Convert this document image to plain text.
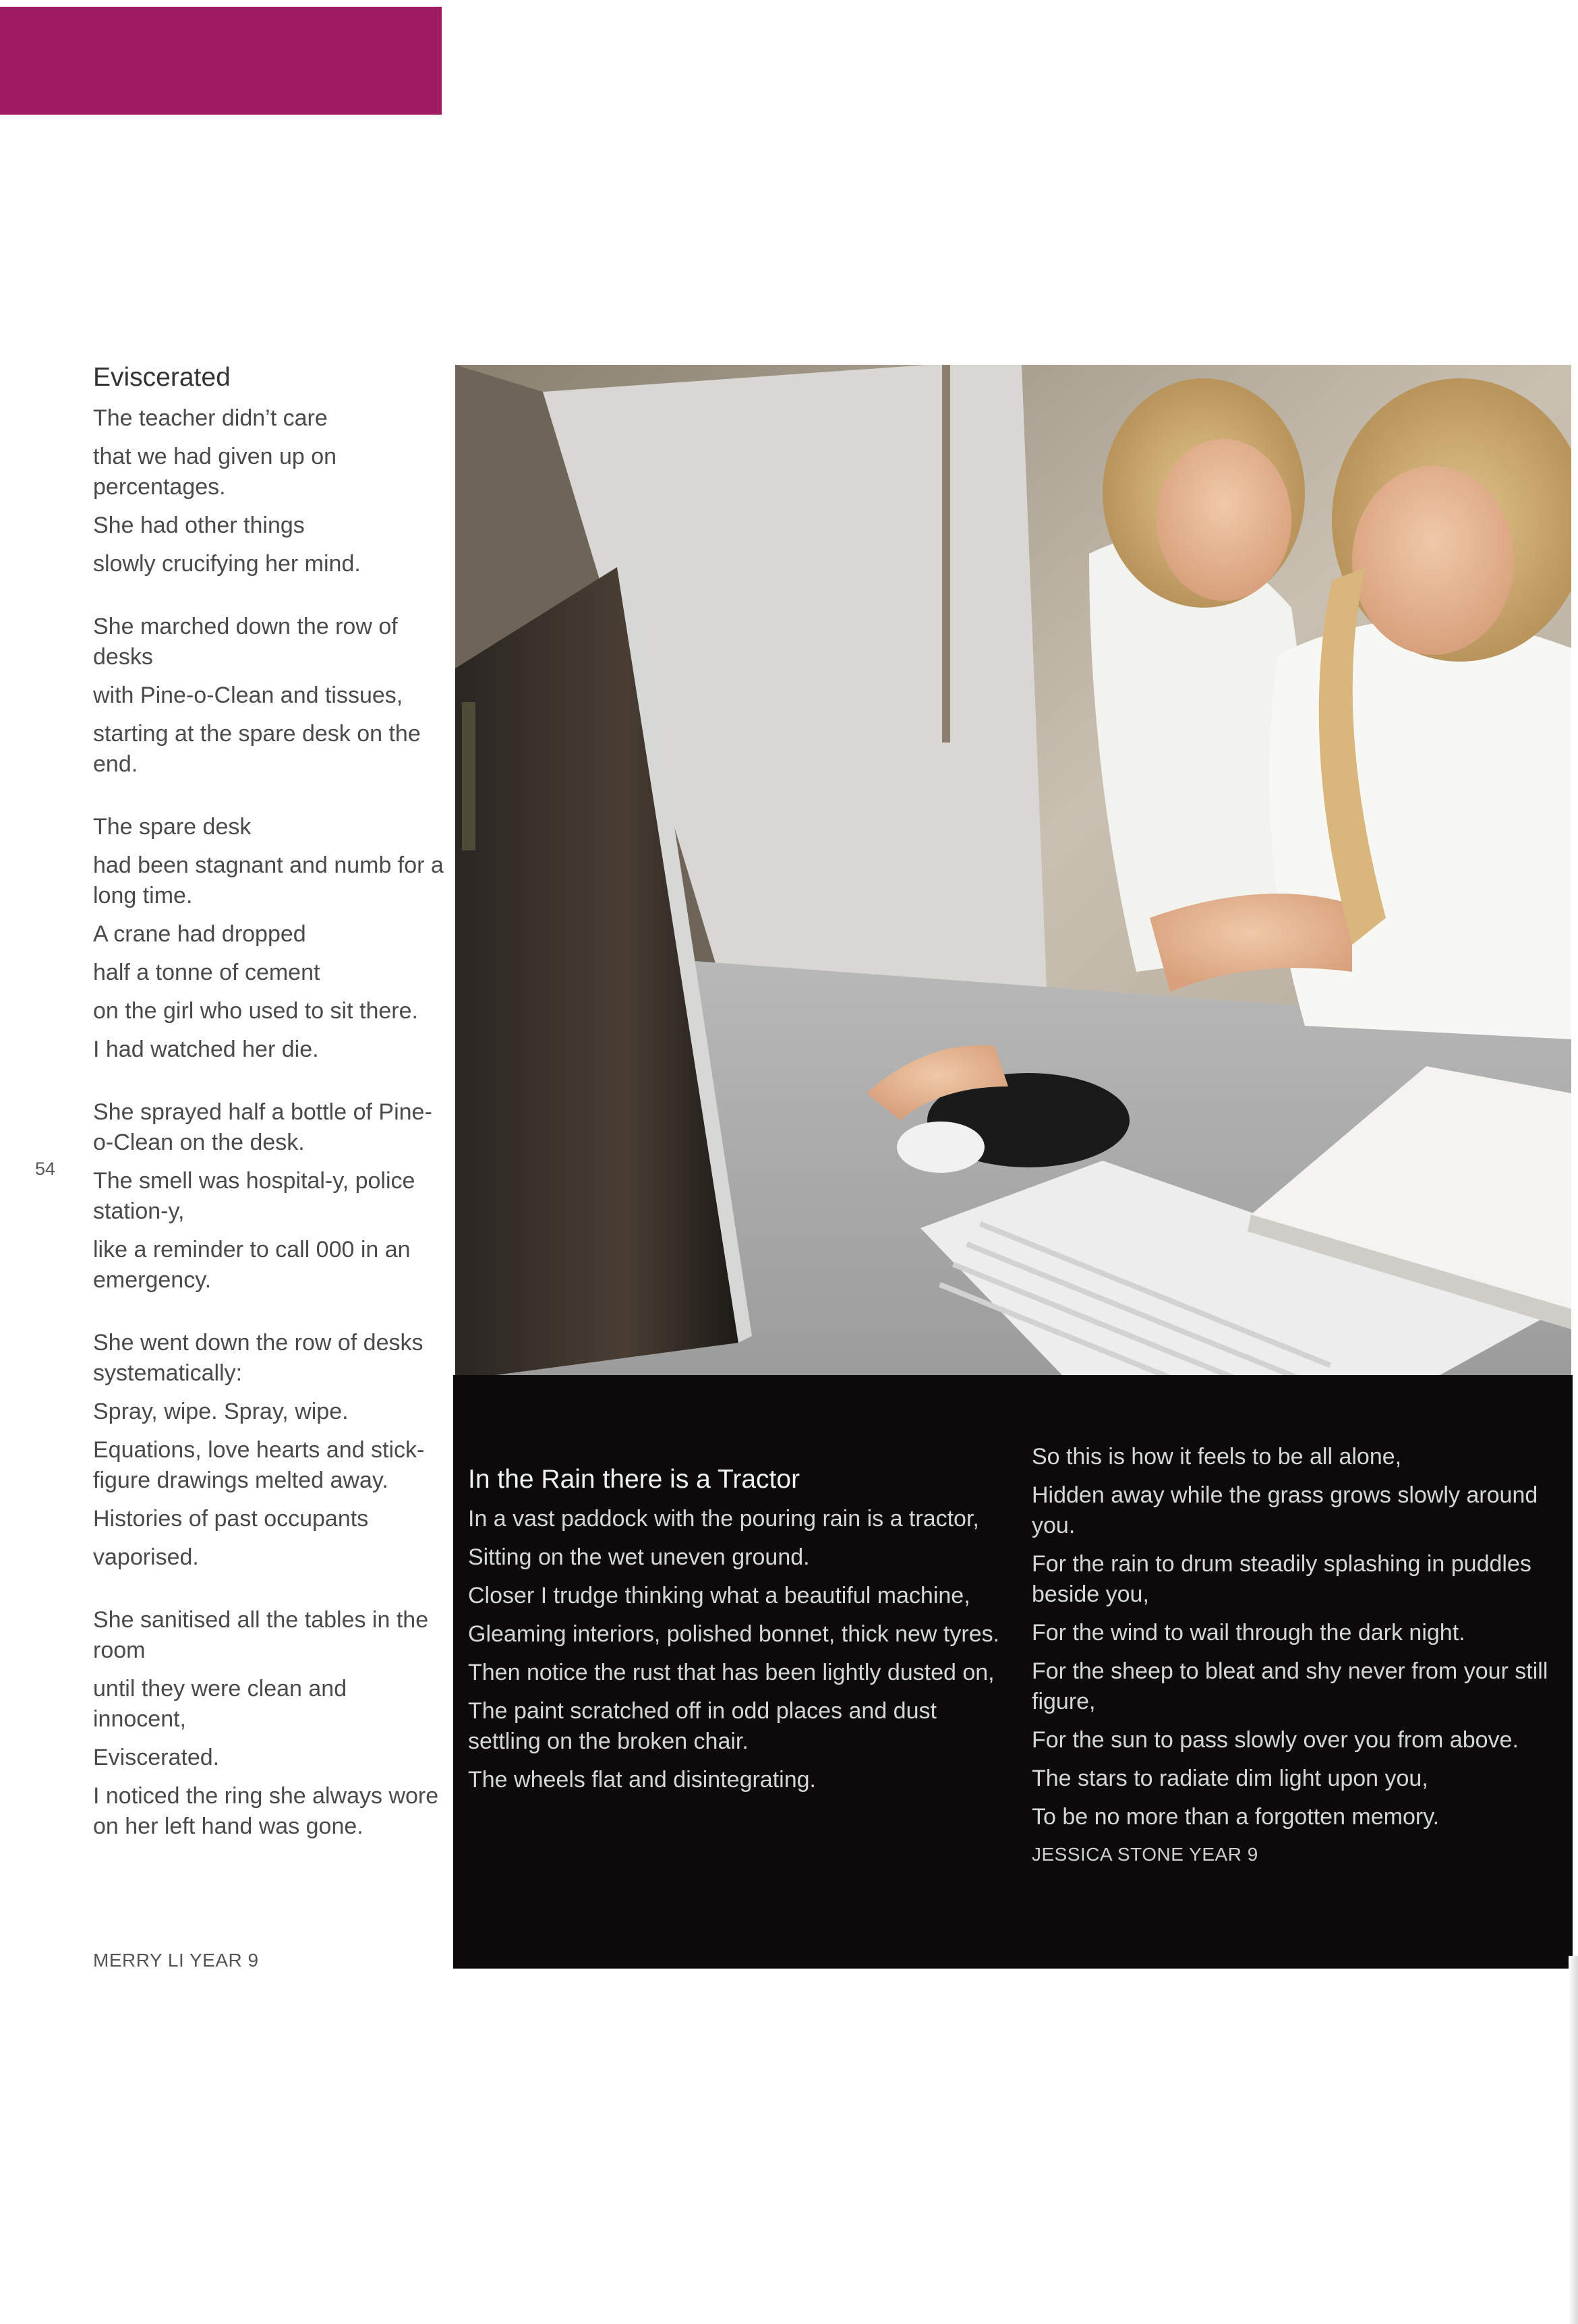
54
Eviscerated
The teacher didn’t care
that we had given up on percentages.
She had other things
slowly crucifying her mind.
She marched down the row of desks
with Pine-o-Clean and tissues,
starting at the spare desk on the end.
The spare desk
had been stagnant and numb for a long time.
A crane had dropped
half a tonne of cement
on the girl who used to sit there.
I had watched her die.
She sprayed half a bottle of Pine-o-Clean on the desk.
The smell was hospital-y, police station-y,
like a reminder to call 000 in an emergency.
She went down the row of desks systematically:
Spray, wipe. Spray, wipe.
Equations, love hearts and stick-figure drawings melted away.
Histories of past occupants
vaporised.
She sanitised all the tables in the room
until they were clean and innocent,
Eviscerated.
I noticed the ring she always wore on her left hand was gone.
MERRY LI YEAR 9
In the Rain there is a Tractor
In a vast paddock with the pouring rain is a tractor,
Sitting on the wet uneven ground.
Closer I trudge thinking what a beautiful machine,
Gleaming interiors, polished bonnet, thick new tyres.
Then notice the rust that has been lightly dusted on,
The paint scratched off in odd places and dust settling on the broken chair.
The wheels flat and disintegrating.
So this is how it feels to be all alone,
Hidden away while the grass grows slowly around you.
For the rain to drum steadily splashing in puddles beside you,
For the wind to wail through the dark night.
For the sheep to bleat and shy never from your still figure,
For the sun to pass slowly over you from above.
The stars to radiate dim light upon you,
To be no more than a forgotten memory.
JESSICA STONE YEAR 9
